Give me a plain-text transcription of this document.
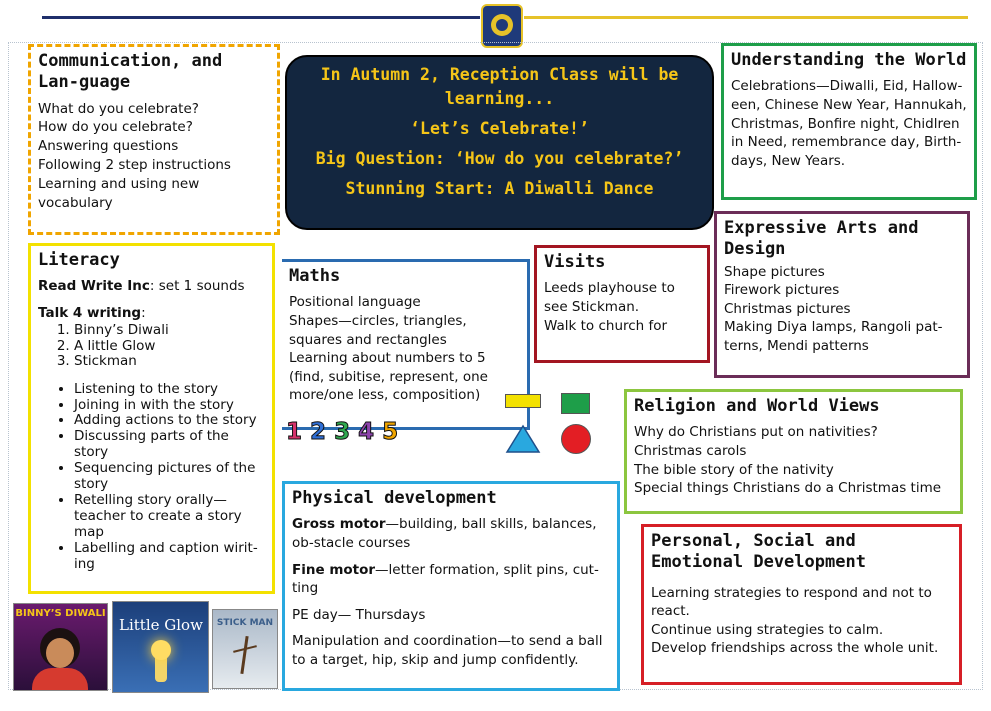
Communication, and Lan-guage
What do you celebrate?
How do you celebrate?
Answering questions
Following 2 step instructions
Learning and using new vocabulary
In Autumn 2, Reception Class will be learning...
‘Let’s Celebrate!’
Big Question: ‘How do you celebrate?’
Stunning Start: A Diwalli Dance
Understanding the World
Celebrations—Diwalli, Eid, Hallow-een, Chinese New Year, Hannukah, Christmas, Bonfire night, Chidlren in Need, remembrance day, Birth-days, New Years.
Literacy
Read Write Inc: set 1 sounds
Talk 4 writing:
1. Binny’s Diwali
2. A little Glow
3. Stickman
• Listening to the story
• Joining in with the story
• Adding actions to the story
• Discussing parts of the story
• Sequencing pictures of the story
• Retelling story orally—teacher to create a story map
• Labelling and caption wirit-ing
Maths
Positional language
Shapes—circles, triangles, squares and rectangles
Learning about numbers to 5 (find, subitise, represent, one more/one less, composition)
1 2 3 4 5
Visits
Leeds playhouse to see Stickman.
Walk to church for
Expressive Arts and Design
Shape pictures
Firework pictures
Christmas pictures
Making Diya lamps, Rangoli pat-terns, Mendi patterns
Religion and World Views
Why do Christians put on nativities?
Christmas carols
The bible story of the nativity
Special things Christians do a Christmas time
Physical development

Gross motor—building, ball skills, balances, ob-stacle courses

Fine motor—letter formation, split pins, cut-ting

PE day— Thursdays

Manipulation and coordination—to send a ball to a target, hip, skip and jump confidently.

Personal, Social and Emotional Development
Learning strategies to respond and not to react.
Continue using strategies to calm.
Develop friendships across the whole unit.
BINNY’S DIWALI
Little Glow	STICK MAN
